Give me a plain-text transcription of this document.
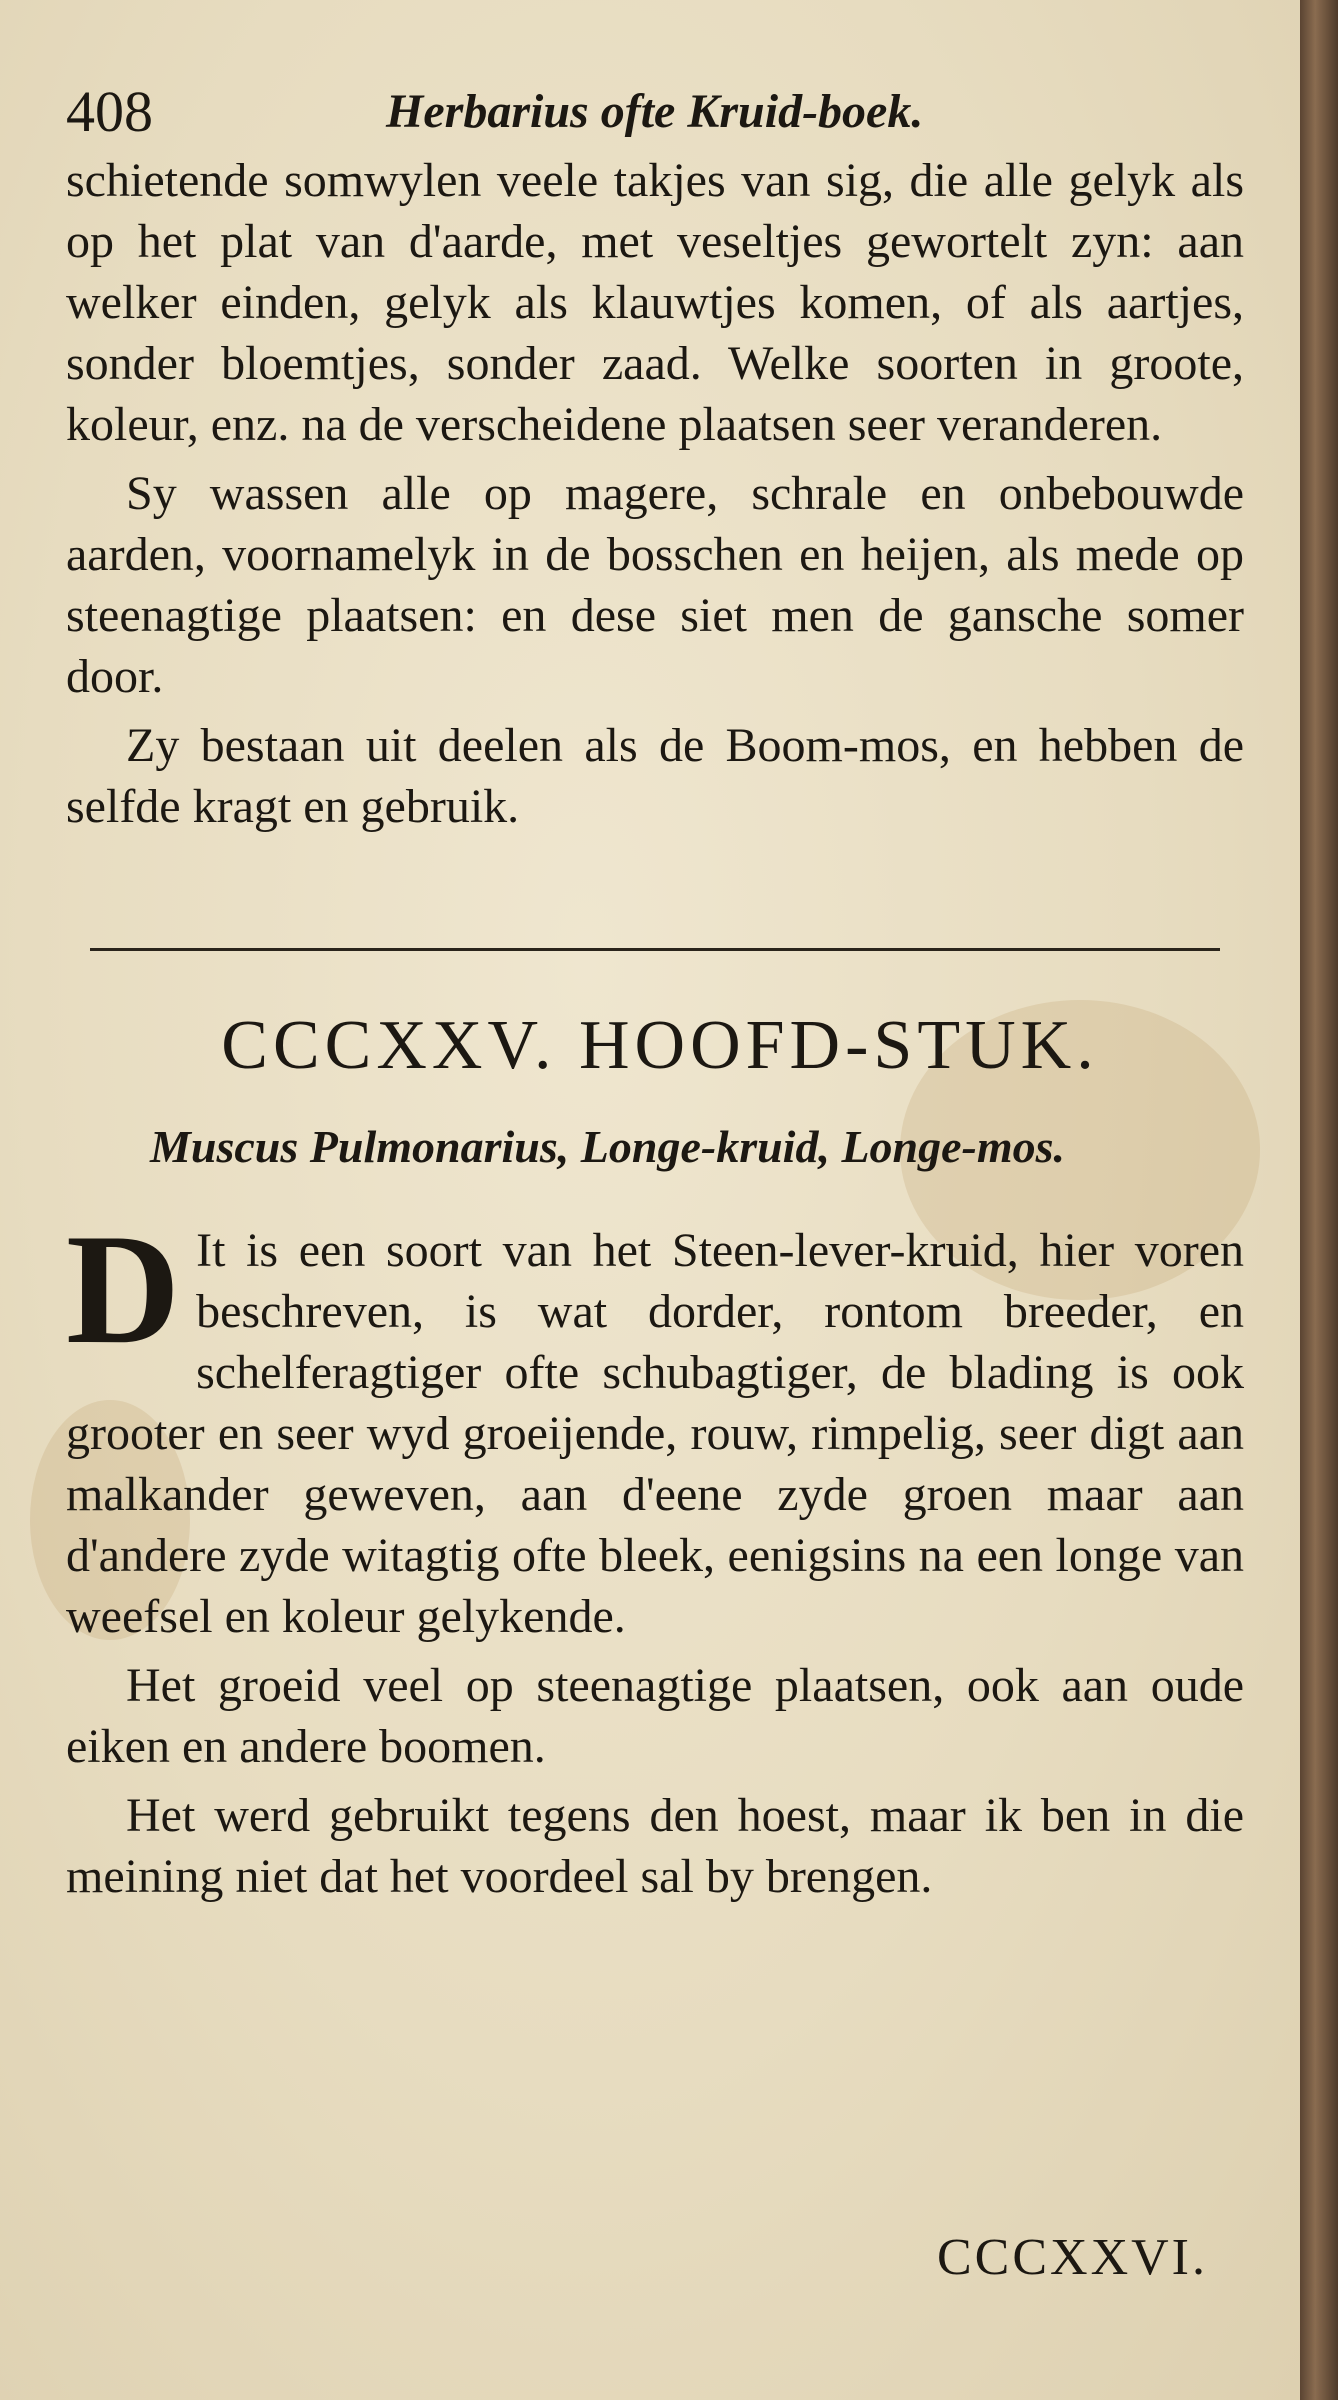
408	Herbarius ofte Kruid-boek.

schietende somwylen veele takjes van sig, die alle gelyk als op het plat van d'aarde, met veseltjes gewortelt zyn: aan welker einden, gelyk als klauwtjes komen, of als aartjes, sonder bloemtjes, sonder zaad. Welke soorten in groote, koleur, enz. na de verscheidene plaatsen seer veranderen.

Sy wassen alle op magere, schrale en onbebouwde aarden, voornamelyk in de bosschen en heijen, als mede op steenagtige plaatsen: en dese siet men de gansche somer door.

Zy bestaan uit deelen als de Boom-mos, en hebben de selfde kragt en gebruik.

CCCXXV. HOOFD-STUK.
Muscus Pulmonarius, Longe-kruid, Longe-mos.

D It is een soort van het Steen-lever-kruid, hier voren beschreven, is wat dorder, rontom breeder, en schelferagtiger ofte schubagtiger, de blading is ook grooter en seer wyd groeijende, rouw, rimpelig, seer digt aan malkander geweven, aan d'eene zyde groen maar aan d'andere zyde witagtig ofte bleek, eenigsins na een longe van weefsel en koleur gelykende.

Het groeid veel op steenagtige plaatsen, ook aan oude eiken en andere boomen.

Het werd gebruikt tegens den hoest, maar ik ben in die meining niet dat het voordeel sal by brengen.

CCCXXVI.
